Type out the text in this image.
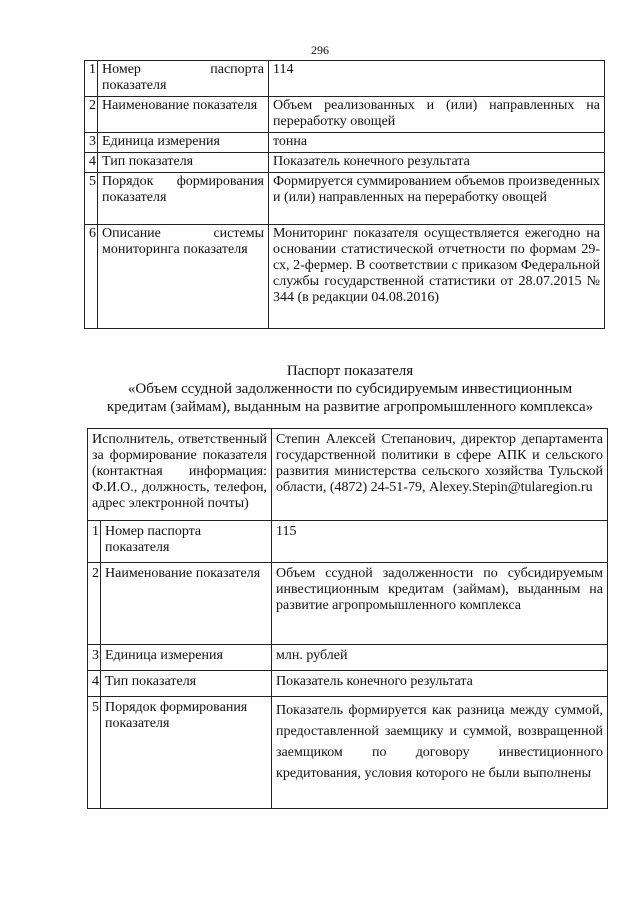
296
1	Номер паспорта показателя	114
2	Наименование показателя	Объем реализованных и (или) направленных на переработку овощей
3	Единица измерения	тонна
4	Тип показателя	Показатель конечного результата
5	Порядок формирования показателя	Формируется суммированием объемов произведенных и (или) направленных на переработку овощей
6	Описание системы мониторинга показателя	Мониторинг показателя осуществляется ежегодно на основании статистической отчетности по формам 29-сх, 2-фермер. В соответствии с приказом Федеральной службы государственной статистики от 28.07.2015 № 344 (в редакции 04.08.2016)
Паспорт показателя
«Объем ссудной задолженности по субсидируемым инвестиционным
кредитам (займам), выданным на развитие агропромышленного комплекса»
Исполнитель, ответственный за формирование показателя (контактная информация: Ф.И.О., должность, телефон, адрес электронной почты)		Степин Алексей Степанович, директор департамента государственной политики в сфере АПК и сельского развития министерства сельского хозяйства Тульской области, (4872) 24-51-79, Alexey.Stepin@tularegion.ru
1	Номер паспорта показателя	115
2	Наименование показателя	Объем ссудной задолженности по субсидируемым инвестиционным кредитам (займам), выданным на развитие агропромышленного комплекса
3	Единица измерения	млн. рублей
4	Тип показателя	Показатель конечного результата
5	Порядок формирования показателя	Показатель формируется как разница между суммой, предоставленной заемщику и суммой, возвращенной заемщиком по договору инвестиционного кредитования, условия которого не были выполнены
